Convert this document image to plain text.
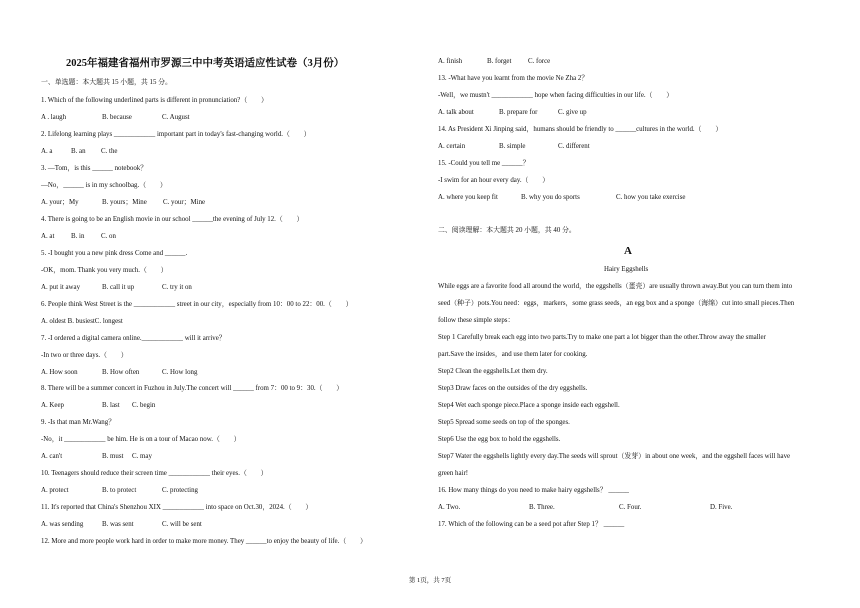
2025年福建省福州市罗源三中中考英语适应性试卷（3月份）
一、单选题：本大题共 15 小题，共 15 分。
1. Which of the following underlined parts is different in pronunciation?（　　）
A . laugh	B. because	C. August
2. Lifelong learning plays ____________ important part in today's fast-changing world.（　　）
A. a	B. an C. the
3. —Tom，is this ______ notebook？
—No，______ is in my schoolbag.（　　）
A. your；My	B. yours；Mine C. your；Mine
4. There is going to be an English movie in our school ______the evening of July 12.（　　）
A. at B. in C. on
5. -I bought you a new pink dress Come and ______.
-OK，mom. Thank you very much.（　　）
A. put it away	B. call it up	C. try it on
6. People think West Street is the ____________ street in our city，especially from 10：00 to 22：00.（　　）
A. oldest B. busiestC. longest
7. -I ordered a digital camera online.____________ will it arrive？
-In two or three days.（　　）
A. How soon	B. How often	C. How long
8. There will be a summer concert in Fuzhou in July.The concert will ______ from 7：00 to 9：30.（　　）
A. Keep	B. last C. begin
9. -Is that man Mr.Wang？
-No，it ____________ be him. He is on a tour of Macao now.（　　）
A. can't	B. must C. may
10. Teenagers should reduce their screen time ____________ their eyes.（　　）
A. protect	B. to protect	C. protecting
11. It's reported that China's Shenzhou XIX ____________ into space on Oct.30，2024.（　　）
A. was sending	B. was sent	C. will be sent
12. More and more people work hard in order to make more money. They ______to enjoy the beauty of life.（　　）
A. finish	B. forget C. force
13. -What have you learnt from the movie Ne Zha 2？
-Well，we mustn't ____________ hope when facing difficulties in our life.（　　）
A. talk about	B. prepare for	C. give up
14. As President Xi Jinping said，humans should be friendly to ______cultures in the world.（　　）
A. certain	B. simple	C. different
15. -Could you tell me ______？
-I swim for an hour every day.（　　）
A. where you keep fit	B. why you do sports	C. how you take exercise
二、阅读理解：本大题共 20 小题，共 40 分。
A
Hairy Eggshells
While eggs are a favorite food all around the world，the eggshells（蛋壳）are usually thrown away.But you can turn them into
seed（种子）pots.You need：eggs，markers，some grass seeds，an egg box and a sponge（海绵）cut into small pieces.Then
follow these simple steps：
Step 1 Carefully break each egg into two parts.Try to make one part a lot bigger than the other.Throw away the smaller
part.Save the insides，and use them later for cooking.
Step2 Clean the eggshells.Let them dry.
Step3 Draw faces on the outsides of the dry eggshells.
Step4 Wet each sponge piece.Place a sponge inside each eggshell.
Step5 Spread some seeds on top of the sponges.
Step6 Use the egg box to hold the eggshells.
Step7 Water the eggshells lightly every day.The seeds will sprout（发芽）in about one week，and the eggshell faces will have
green hair!
16. How many things do you need to make hairy eggshells？ ______
A. Two.	B. Three.	C. Four.	D. Five.
17. Which of the following can be a seed pot after Step 1？ ______
第 1页，共 7页
